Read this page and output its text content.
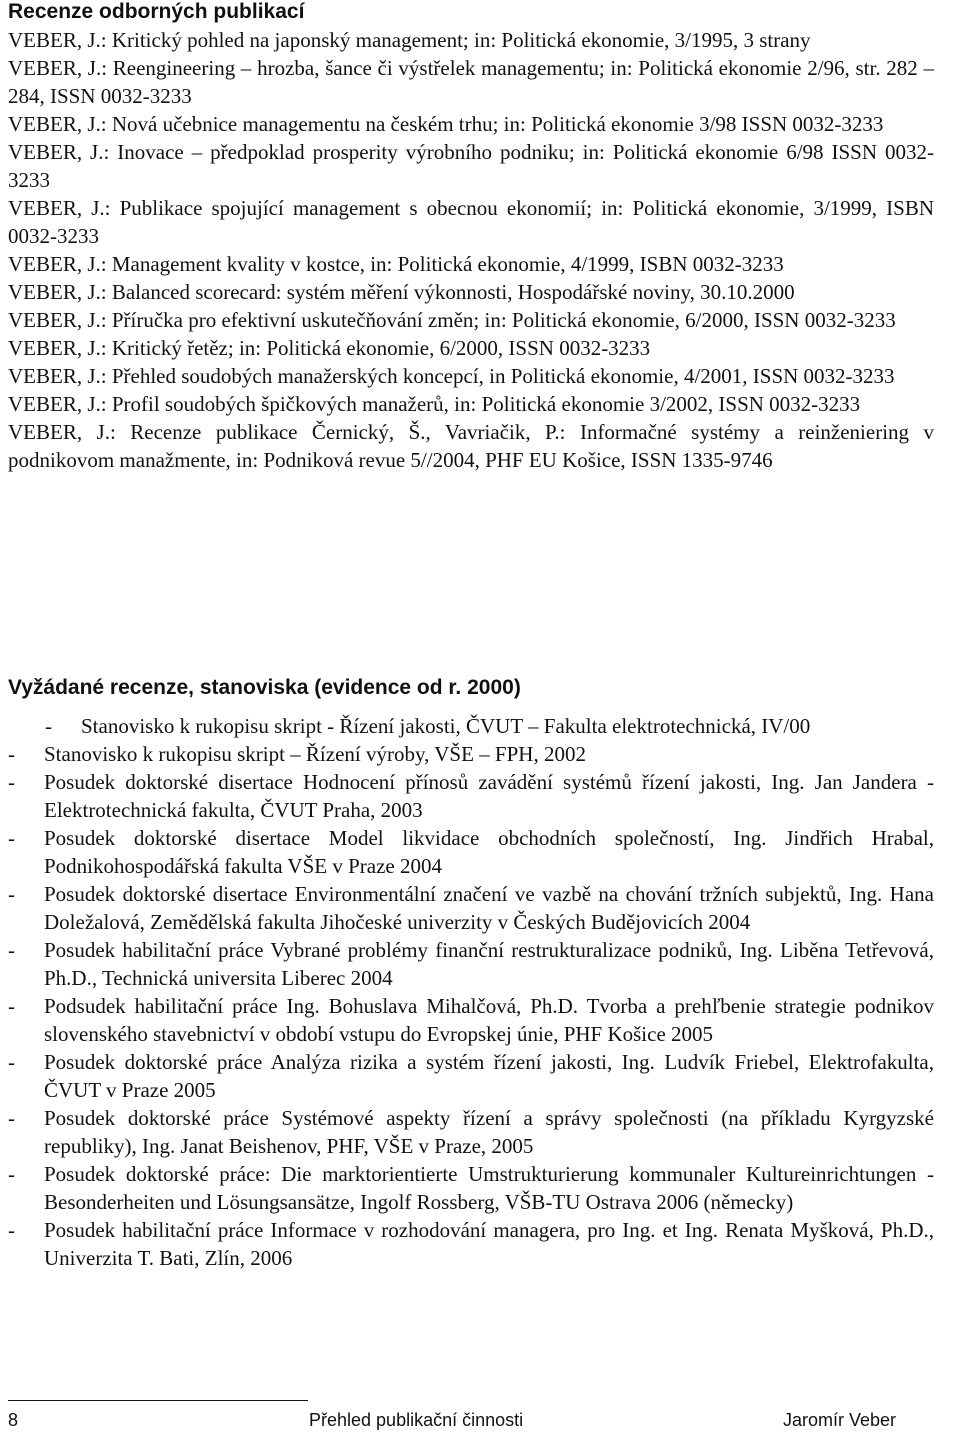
Recenze odborných publikací
VEBER, J.: Kritický pohled na japonský management; in: Politická ekonomie, 3/1995, 3 strany
VEBER, J.: Reengineering – hrozba, šance či výstřelek managementu; in: Politická ekonomie 2/96, str. 282 – 284, ISSN 0032-3233
VEBER, J.: Nová učebnice managementu na českém trhu; in: Politická ekonomie 3/98 ISSN 0032-3233
VEBER, J.: Inovace – předpoklad prosperity výrobního podniku; in: Politická ekonomie 6/98 ISSN 0032-3233
VEBER, J.: Publikace spojující management s obecnou ekonomií; in: Politická ekonomie, 3/1999, ISBN 0032-3233
VEBER, J.: Management kvality v kostce, in: Politická ekonomie, 4/1999, ISBN 0032-3233
VEBER, J.: Balanced scorecard: systém měření výkonnosti, Hospodářské noviny, 30.10.2000
VEBER, J.: Příručka pro efektivní uskutečňování změn; in: Politická ekonomie, 6/2000, ISSN 0032-3233
VEBER, J.: Kritický řetěz; in: Politická ekonomie, 6/2000, ISSN 0032-3233
VEBER, J.: Přehled soudobých manažerských koncepcí, in Politická ekonomie, 4/2001, ISSN 0032-3233
VEBER, J.: Profil soudobých špičkových manažerů, in: Politická ekonomie 3/2002, ISSN 0032-3233
VEBER, J.: Recenze publikace Černický, Š., Vavriačik, P.: Informačné systémy a reinženiering v podnikovom manažmente, in: Podniková revue 5//2004, PHF EU Košice, ISSN 1335-9746
Vyžádané recenze, stanoviska (evidence od r. 2000)
- Stanovisko k rukopisu skript - Řízení jakosti, ČVUT – Fakulta elektrotechnická, IV/00
- Stanovisko k rukopisu skript – Řízení výroby, VŠE – FPH, 2002
- Posudek doktorské disertace Hodnocení přínosů zavádění systémů řízení jakosti, Ing. Jan Jandera - Elektrotechnická fakulta, ČVUT Praha, 2003
- Posudek doktorské disertace Model likvidace obchodních společností, Ing. Jindřich Hrabal, Podnikohospodářská fakulta VŠE v Praze 2004
- Posudek doktorské disertace Environmentální značení ve vazbě na chování tržních subjektů, Ing. Hana Doležalová, Zemědělská fakulta Jihočeské univerzity v Českých Budějovicích 2004
- Posudek habilitační práce Vybrané problémy finanční restrukturalizace podniků, Ing. Liběna Tetřevová, Ph.D., Technická universita Liberec 2004
- Podsudek habilitační práce Ing. Bohuslava Mihalčová, Ph.D. Tvorba a prehľbenie strategie podnikov slovenského stavebnictví v období vstupu do Evropskej únie, PHF Košice 2005
- Posudek doktorské práce Analýza rizika a systém řízení jakosti, Ing. Ludvík Friebel, Elektrofakulta, ČVUT v Praze 2005
- Posudek doktorské práce Systémové aspekty řízení a správy společnosti (na příkladu Kyrgyzské republiky), Ing. Janat Beishenov, PHF, VŠE v Praze, 2005
- Posudek doktorské práce: Die marktorientierte Umstrukturierung kommunaler Kultureinrichtungen - Besonderheiten und Lösungsansätze, Ingolf Rossberg, VŠB-TU Ostrava 2006 (německy)
- Posudek habilitační práce Informace v rozhodování managera, pro Ing. et Ing. Renata Myšková, Ph.D., Univerzita T. Bati, Zlín, 2006
8	Přehled publikační činnosti	Jaromír Veber
